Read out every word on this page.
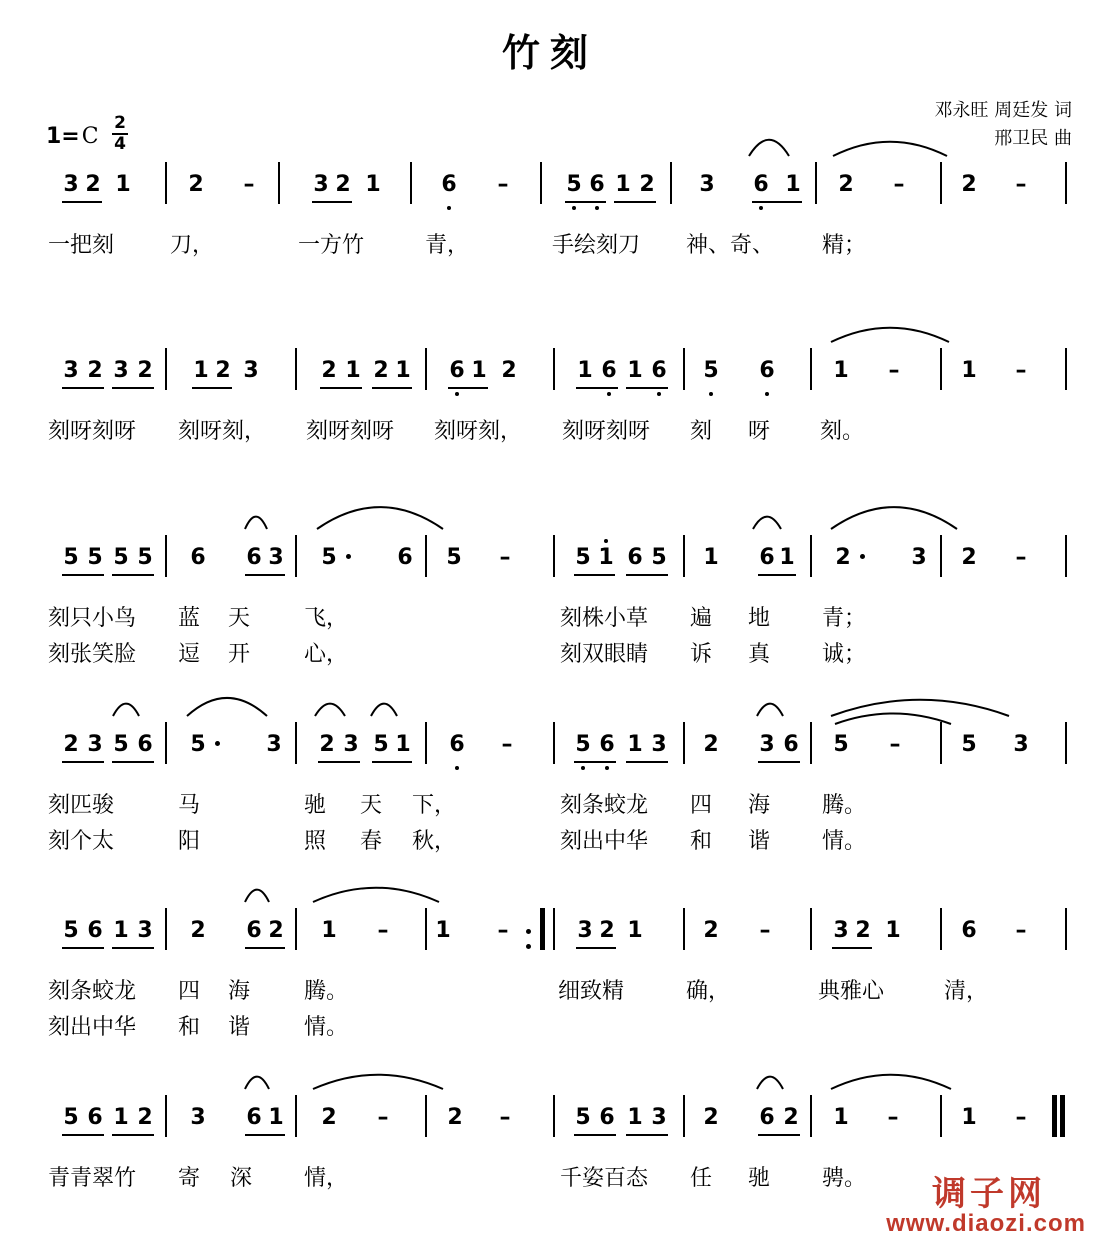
竹刻
邓永旺 周廷发 词
邢卫民 曲
1=C
2
4
3 2 1	2 –	3 2 1	6 –	5 6 1 2 3 6 1 2 –	2 –
一把刻	刀，	一方竹	青，	手绘刻刀 神、奇、 精；
3 2 3 2 1 2 3	2 1 2 1 6 1 2	1 6 1 6 5 6	1 –	1 –
刻呀刻呀 刻呀刻， 刻呀刻呀 刻呀刻， 刻呀刻呀 刻 呀 刻。
5 5 5 5 6 6 3 5	6 5 –	5 1 6 5 1 6 1 2	3 2 –
刻只小鸟 蓝 天 飞，	刻株小草 遍 地 青；
刻张笑脸 逗 开 心，	刻双眼睛 诉 真 诚；
2 3 5 6 5	3 2 3 5 1 6 –	5 6 1 3 2 3 6 5 –	5 3
刻匹骏	马	驰 天 下，	刻条蛟龙 四 海 腾。
刻个太	阳	照 春 秋，	刻出中华 和 谐 情。
5 6 1 3 2 6 2 1 – 1 –	3 2 1	2 –	3 2 1	6 –
刻条蛟龙 四 海 腾。	细致精	确，	典雅心	清，
刻出中华 和 谐 情。
5 6 1 2 3 6 1 2 –	2 –	5 6 1 3 2 6 2 1 –	1 –
青青翠竹 寄 深 情，	千姿百态 任 驰 骋。 调子网
www.diaozi.com
